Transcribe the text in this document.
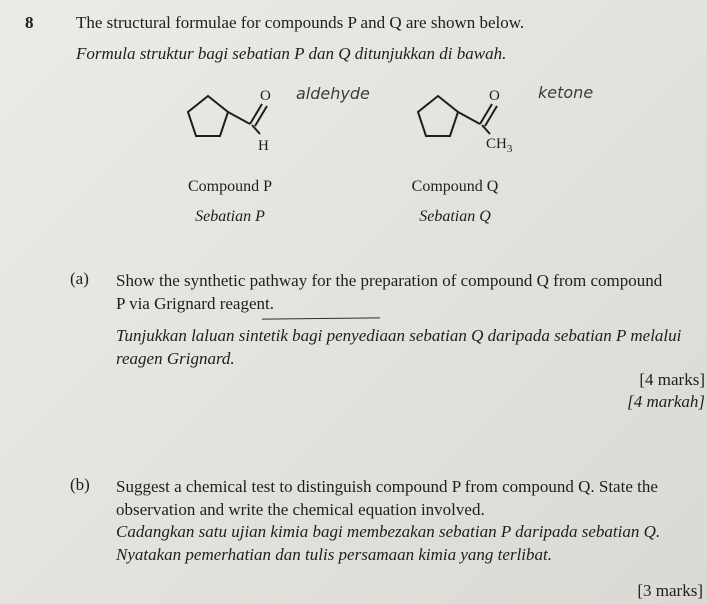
8	The structural formulae for compounds P and Q are shown below.
Formula struktur bagi sebatian P dan Q ditunjukkan di bawah.
O
H
aldehyde	O
$CH_3$
ketone
Compound P
Sebatian P
Compound Q
Sebatian Q
(a) Show the synthetic pathway for the preparation of compound Q from compound P via Grignard reagent.
Tunjukkan laluan sintetik bagi penyediaan sebatian Q daripada sebatian P melalui reagen Grignard.
[4 marks]
[4 markah]
(b) Suggest a chemical test to distinguish compound P from compound Q. State the observation and write the chemical equation involved.
Cadangkan satu ujian kimia bagi membezakan sebatian P daripada sebatian Q. Nyatakan pemerhatian dan tulis persamaan kimia yang terlibat.
[3 marks]
